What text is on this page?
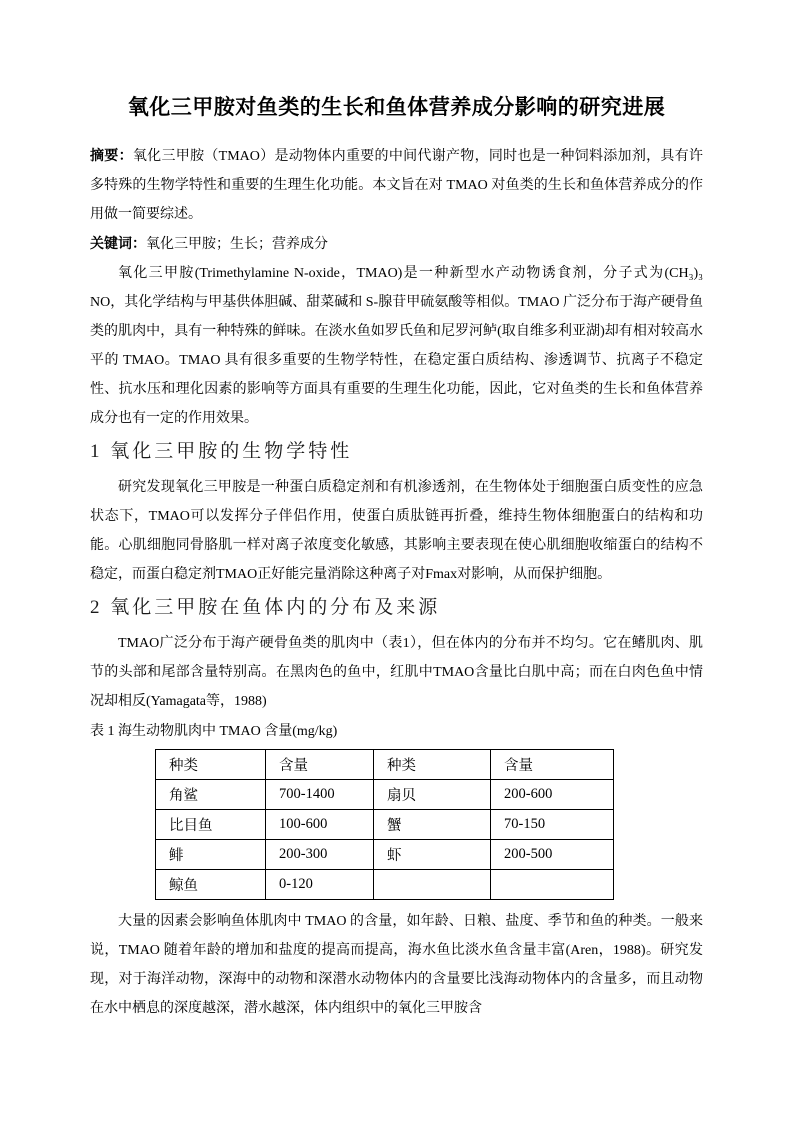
氧化三甲胺对鱼类的生长和鱼体营养成分影响的研究进展

摘要：氧化三甲胺（TMAO）是动物体内重要的中间代谢产物，同时也是一种饲料添加剂，具有许多特殊的生物学特性和重要的生理生化功能。本文旨在对 TMAO 对鱼类的生长和鱼体营养成分的作用做一简要综述。

关键词：氧化三甲胺；生长；营养成分

氧化三甲胺(Trimethylamine N-oxide，TMAO)是一种新型水产动物诱食剂，分子式为(CH₃)₃ NO，其化学结构与甲基供体胆碱、甜菜碱和 S-腺苷甲硫氨酸等相似。TMAO 广泛分布于海产硬骨鱼类的肌肉中，具有一种特殊的鲜味。在淡水鱼如罗氏鱼和尼罗河鲈(取自维多利亚湖)却有相对较高水平的 TMAO。TMAO 具有很多重要的生物学特性，在稳定蛋白质结构、渗透调节、抗离子不稳定性、抗水压和理化因素的影响等方面具有重要的生理生化功能，因此，它对鱼类的生长和鱼体营养成分也有一定的作用效果。

1 氧化三甲胺的生物学特性

研究发现氧化三甲胺是一种蛋白质稳定剂和有机渗透剂，在生物体处于细胞蛋白质变性的应急状态下，TMAO可以发挥分子伴侣作用，使蛋白质肽链再折叠，维持生物体细胞蛋白的结构和功能。心肌细胞同骨胳肌一样对离子浓度变化敏感，其影响主要表现在使心肌细胞收缩蛋白的结构不稳定，而蛋白稳定剂TMAO正好能完量消除这种离子对Fmax对影响，从而保护细胞。

2 氧化三甲胺在鱼体内的分布及来源

TMAO广泛分布于海产硬骨鱼类的肌肉中（表1），但在体内的分布并不均匀。它在鳍肌肉、肌节的头部和尾部含量特别高。在黑肉色的鱼中，红肌中TMAO含量比白肌中高；而在白肉色鱼中情况却相反(Yamagata等，1988)

表 1 海生动物肌肉中 TMAO 含量(mg/kg)

种类	含量	种类	含量
角鲨	700-1400	扇贝	200-600
比目鱼	100-600	蟹	70-150
鲱	200-300	虾	200-500
鲸鱼	0-120		

大量的因素会影响鱼体肌肉中 TMAO 的含量，如年龄、日粮、盐度、季节和鱼的种类。一般来说，TMAO 随着年龄的增加和盐度的提高而提高，海水鱼比淡水鱼含量丰富(Aren，1988)。研究发现，对于海洋动物，深海中的动物和深潜水动物体内的含量要比浅海动物体内的含量多，而且动物在水中栖息的深度越深，潜水越深，体内组织中的氧化三甲胺含
